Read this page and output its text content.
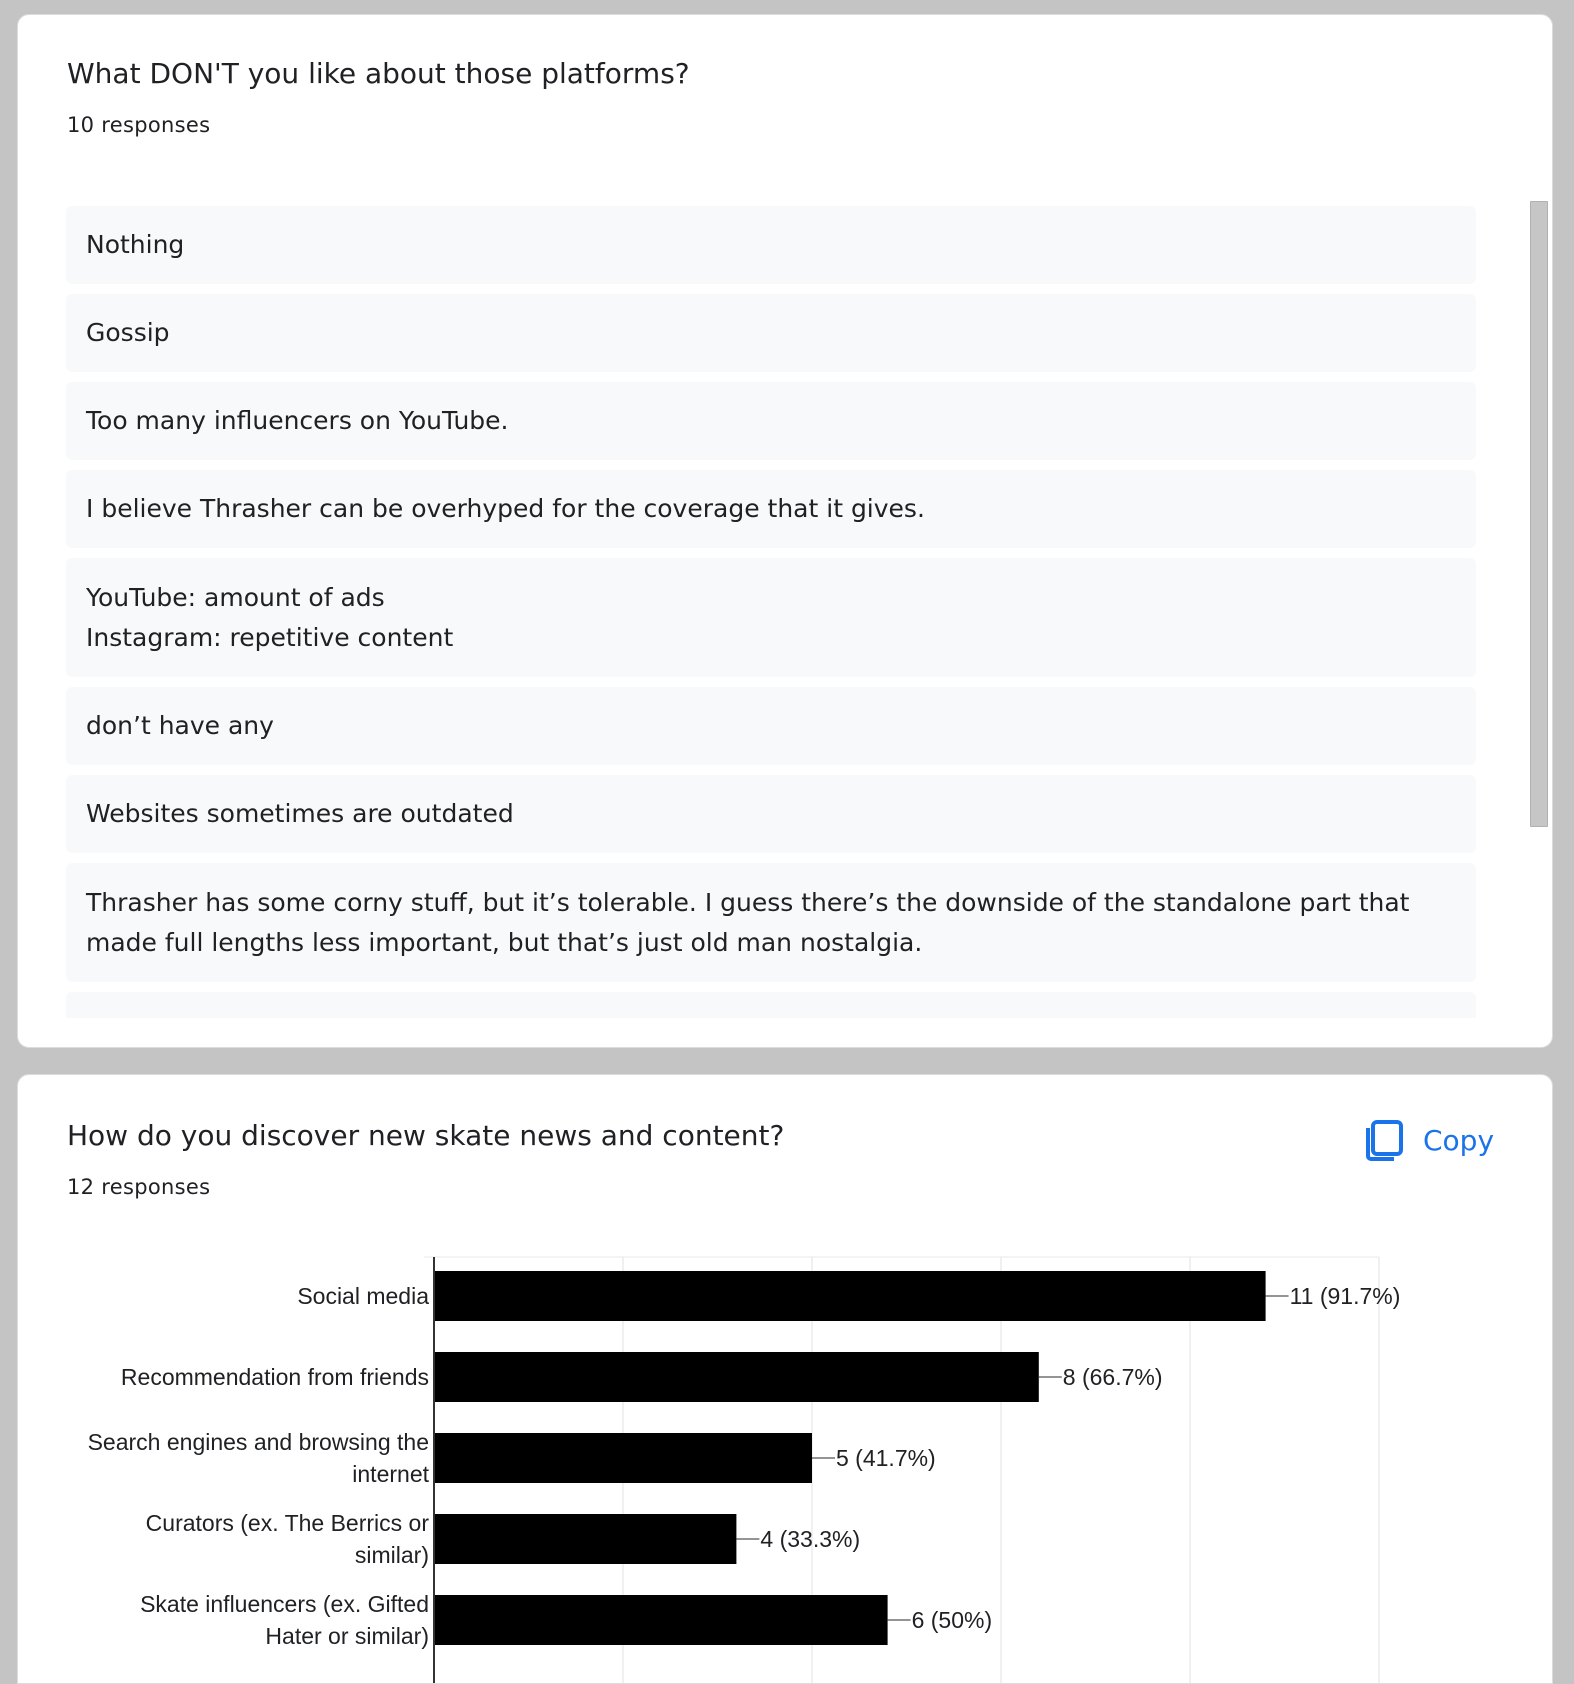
What DON'T you like about those platforms?
10 responses
Nothing
Gossip
Too many influencers on YouTube.
I believe Thrasher can be overhyped for the coverage that it gives.
YouTube: amount of ads
Instagram: repetitive content
don’t have any
Websites sometimes are outdated
Thrasher has some corny stuff, but it’s tolerable. I guess there’s the downside of the standalone part that
made full lengths less important, but that’s just old man nostalgia.
How do you discover new skate news and content?
12 responses
Copy
11 (91.7%)
Social media
8 (66.7%)
Recommendation from friends
5 (41.7%)
Search engines and browsing the
internet
4 (33.3%)
Curators (ex. The Berrics or
similar)
6 (50%)
Skate influencers (ex. Gifted
Hater or similar)
